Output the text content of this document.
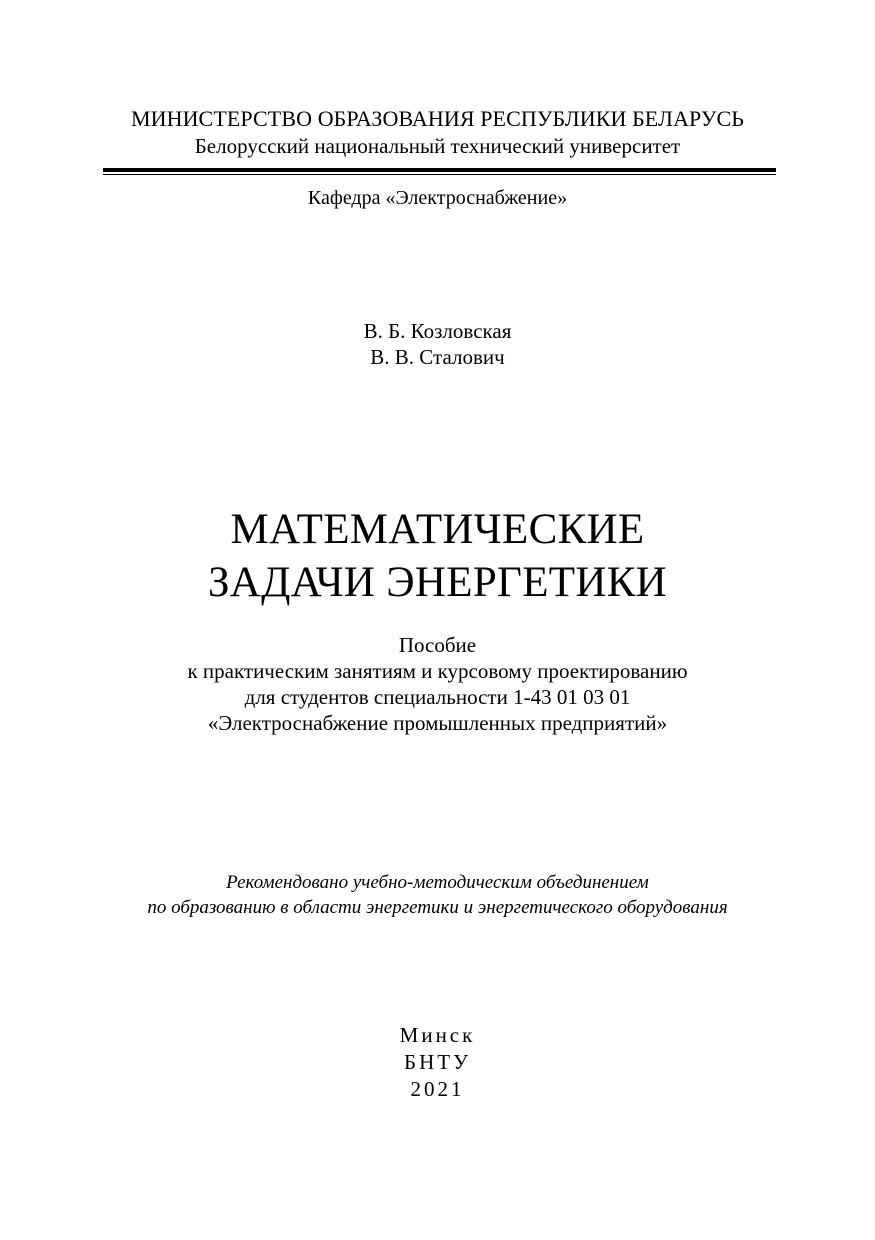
МИНИСТЕРСТВО ОБРАЗОВАНИЯ РЕСПУБЛИКИ БЕЛАРУСЬ
Белорусский национальный технический университет
Кафедра «Электроснабжение»
В. Б. Козловская
В. В. Сталович
МАТЕМАТИЧЕСКИЕ
ЗАДАЧИ ЭНЕРГЕТИКИ
Пособие
к практическим занятиям и курсовому проектированию
для студентов специальности 1-43 01 03 01
«Электроснабжение промышленных предприятий»
Рекомендовано учебно-методическим объединением
по образованию в области энергетики и энергетического оборудования
Минск
БНТУ
2021
